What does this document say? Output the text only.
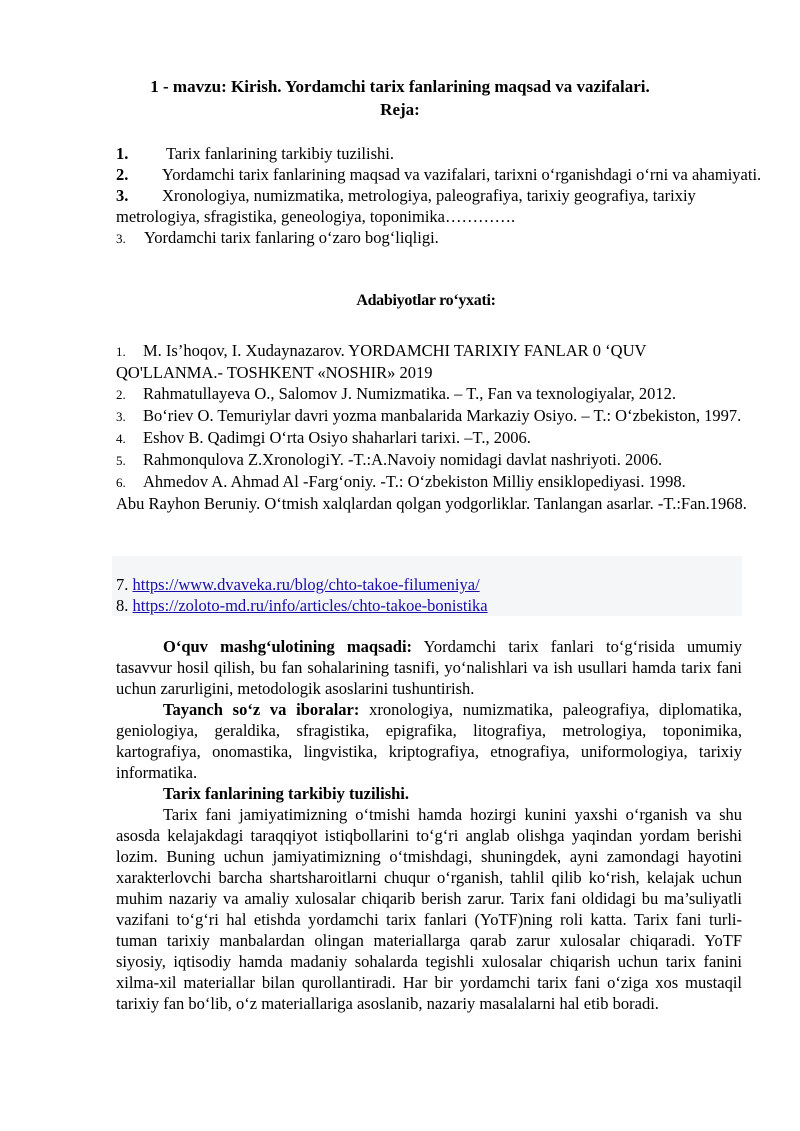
1 - mavzu: Kirish. Yordamchi tarix fanlarining maqsad va vazifalari.
Reja:

1. Tarix fanlarining tarkibiy tuzilishi.

2. Yordamchi tarix fanlarining maqsad va vazifalari, tarixni o‘rganishdagi o‘rni va ahamiyati.

3. Xronologiya, numizmatika, metrologiya, paleografiya, tarixiy geografiya, tarixiy metrologiya, sfragistika, geneologiya, toponimika………….

3. Yordamchi tarix fanlaring o‘zaro bog‘liqligi.

Adabiyotlar ro‘yxati:

1. M. Is’hoqov, I. Xudaynazarov. YORDAMCHI TARIXIY FANLAR 0 ‘QUV QO'LLANMA.- TOSHKENT «NOSHIR» 2019

2. Rahmatullayeva O., Salomov J. Numizmatika. – T., Fan va texnologiyalar, 2012.

3. Bo‘riev O. Temuriylar davri yozma manbalarida Markaziy Osiyo. – T.: O‘zbekiston, 1997.

4. Eshov B. Qadimgi O‘rta Osiyo shaharlari tarixi. –T., 2006.

5. Rahmonqulova Z.XronologiY. -T.:A.Navoiy nomidagi davlat nashriyoti. 2006.

6. Ahmedov A. Ahmad Al -Farg‘oniy. -T.: O‘zbekiston Milliy ensiklopediyasi. 1998.

Abu Rayhon Beruniy. O‘tmish xalqlardan qolgan yodgorliklar. Tanlangan asarlar. -T.:Fan.1968.

7. https://www.dvaveka.ru/blog/chto-takoe-filumeniya/

8. https://zoloto-md.ru/info/articles/chto-takoe-bonistika

O‘quv mashg‘ulotining maqsadi: Yordamchi tarix fanlari to‘g‘risida umumiy tasavvur hosil qilish, bu fan sohalarining tasnifi, yo‘nalishlari va ish usullari hamda tarix fani uchun zarurligini, metodologik asoslarini tushuntirish.

Tayanch so‘z va iboralar: xronologiya, numizmatika, paleografiya, diplomatika, geniologiya, geraldika, sfragistika, epigrafika, litografiya, metrologiya, toponimika, kartografiya, onomastika, lingvistika, kriptografiya, etnografiya, uniformologiya, tarixiy informatika.

Tarix fanlarining tarkibiy tuzilishi.

Tarix fani jamiyatimizning o‘tmishi hamda hozirgi kunini yaxshi o‘rganish va shu asosda kelajakdagi taraqqiyot istiqbollarini to‘g‘ri anglab olishga yaqindan yordam berishi lozim. Buning uchun jamiyatimizning o‘tmishdagi, shuningdek, ayni zamondagi hayotini xarakterlovchi barcha shartsharoitlarni chuqur o‘rganish, tahlil qilib ko‘rish, kelajak uchun muhim nazariy va amaliy xulosalar chiqarib berish zarur. Tarix fani oldidagi bu ma’suliyatli vazifani to‘g‘ri hal etishda yordamchi tarix fanlari (YoTF)ning roli katta. Tarix fani turli-tuman tarixiy manbalardan olingan materiallarga qarab zarur xulosalar chiqaradi. YoTF siyosiy, iqtisodiy hamda madaniy sohalarda tegishli xulosalar chiqarish uchun tarix fanini xilma-xil materiallar bilan qurollantiradi. Har bir yordamchi tarix fani o‘ziga xos mustaqil tarixiy fan bo‘lib, o‘z materiallariga asoslanib, nazariy masalalarni hal etib boradi.
